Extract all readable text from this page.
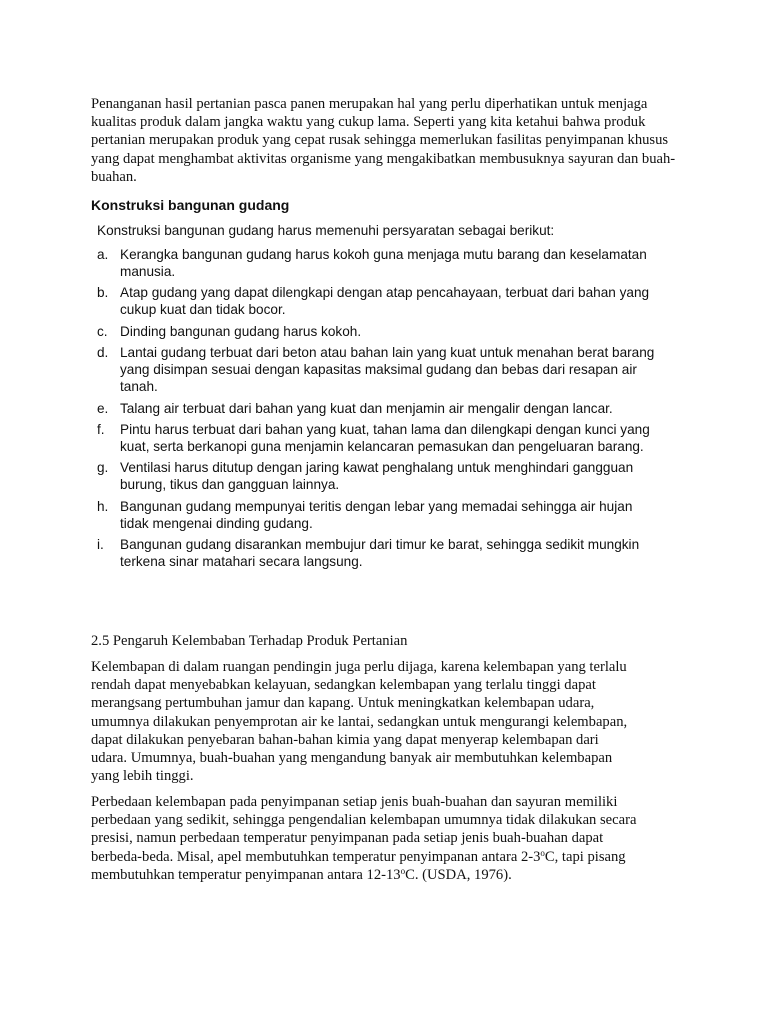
Penanganan hasil pertanian pasca panen merupakan hal yang perlu diperhatikan untuk menjaga kualitas produk dalam jangka waktu yang cukup lama. Seperti yang kita ketahui bahwa produk pertanian merupakan produk yang cepat rusak sehingga memerlukan fasilitas penyimpanan khusus yang dapat menghambat aktivitas organisme yang mengakibatkan membusuknya sayuran dan buah-buahan.

Konstruksi bangunan gudang

Konstruksi bangunan gudang harus memenuhi persyaratan sebagai berikut:

a. Kerangka bangunan gudang harus kokoh guna menjaga mutu barang dan keselamatan manusia.
b. Atap gudang yang dapat dilengkapi dengan atap pencahayaan, terbuat dari bahan yang cukup kuat dan tidak bocor.
c. Dinding bangunan gudang harus kokoh.
d. Lantai gudang terbuat dari beton atau bahan lain yang kuat untuk menahan berat barang yang disimpan sesuai dengan kapasitas maksimal gudang dan bebas dari resapan air tanah.
e. Talang air terbuat dari bahan yang kuat dan menjamin air mengalir dengan lancar.
f. Pintu harus terbuat dari bahan yang kuat, tahan lama dan dilengkapi dengan kunci yang kuat, serta berkanopi guna menjamin kelancaran pemasukan dan pengeluaran barang.
g. Ventilasi harus ditutup dengan jaring kawat penghalang untuk menghindari gangguan burung, tikus dan gangguan lainnya.
h. Bangunan gudang mempunyai teritis dengan lebar yang memadai sehingga air hujan tidak mengenai dinding gudang.
i. Bangunan gudang disarankan membujur dari timur ke barat, sehingga sedikit mungkin terkena sinar matahari secara langsung.

2.5 Pengaruh Kelembaban Terhadap Produk Pertanian

Kelembapan di dalam ruangan pendingin juga perlu dijaga, karena kelembapan yang terlalu rendah dapat menyebabkan kelayuan, sedangkan kelembapan yang terlalu tinggi dapat merangsang pertumbuhan jamur dan kapang. Untuk meningkatkan kelembapan udara, umumnya dilakukan penyemprotan air ke lantai, sedangkan untuk mengurangi kelembapan, dapat dilakukan penyebaran bahan-bahan kimia yang dapat menyerap kelembapan dari udara. Umumnya, buah-buahan yang mengandung banyak air membutuhkan kelembapan yang lebih tinggi.

Perbedaan kelembapan pada penyimpanan setiap jenis buah-buahan dan sayuran memiliki perbedaan yang sedikit, sehingga pengendalian kelembapan umumnya tidak dilakukan secara presisi, namun perbedaan temperatur penyimpanan pada setiap jenis buah-buahan dapat berbeda-beda. Misal, apel membutuhkan temperatur penyimpanan antara 2-3$^o$C, tapi pisang membutuhkan temperatur penyimpanan antara 12-13$^o$C. (USDA, 1976).
